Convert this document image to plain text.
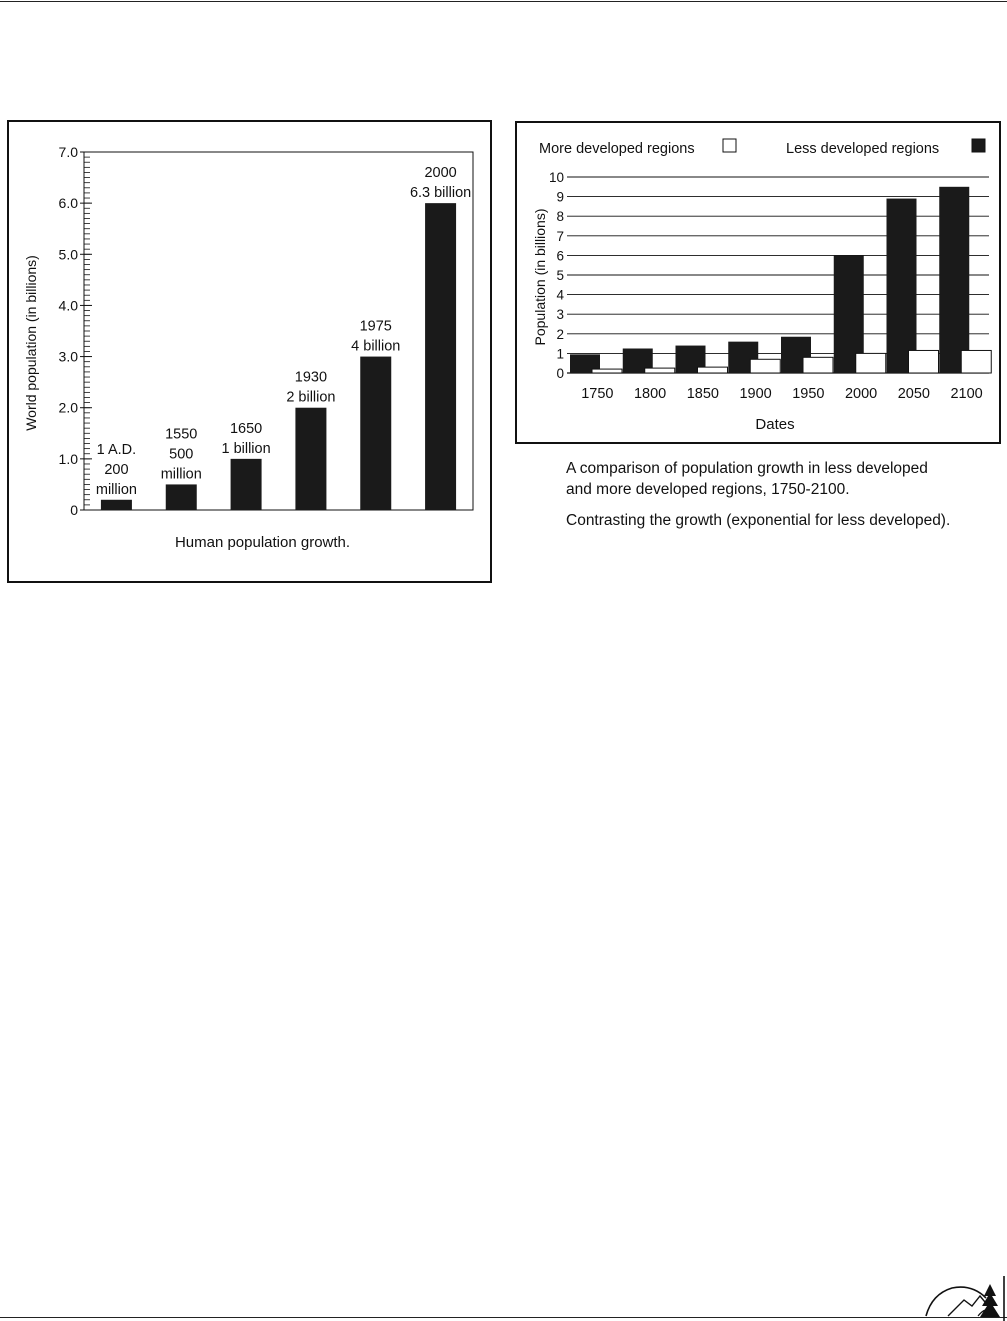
0
1.0
2.0
3.0
4.0
5.0
6.0
7.0
World population (in billions)
1 A.D.
200
million
1550
500
million
1650
1 billion
1930
2 billion
1975
4 billion
2000
6.3 billion
Human population growth.
More developed regions	Less developed regions
0
1
2
3
4
5
6
7
8
9
10
Population (in billions)
1750 1800 1850 1900 1950 2000 2050 2100
Dates
A comparison of population growth in less developed
and more developed regions, 1750-2100.
Contrasting the growth (exponential for less developed).
